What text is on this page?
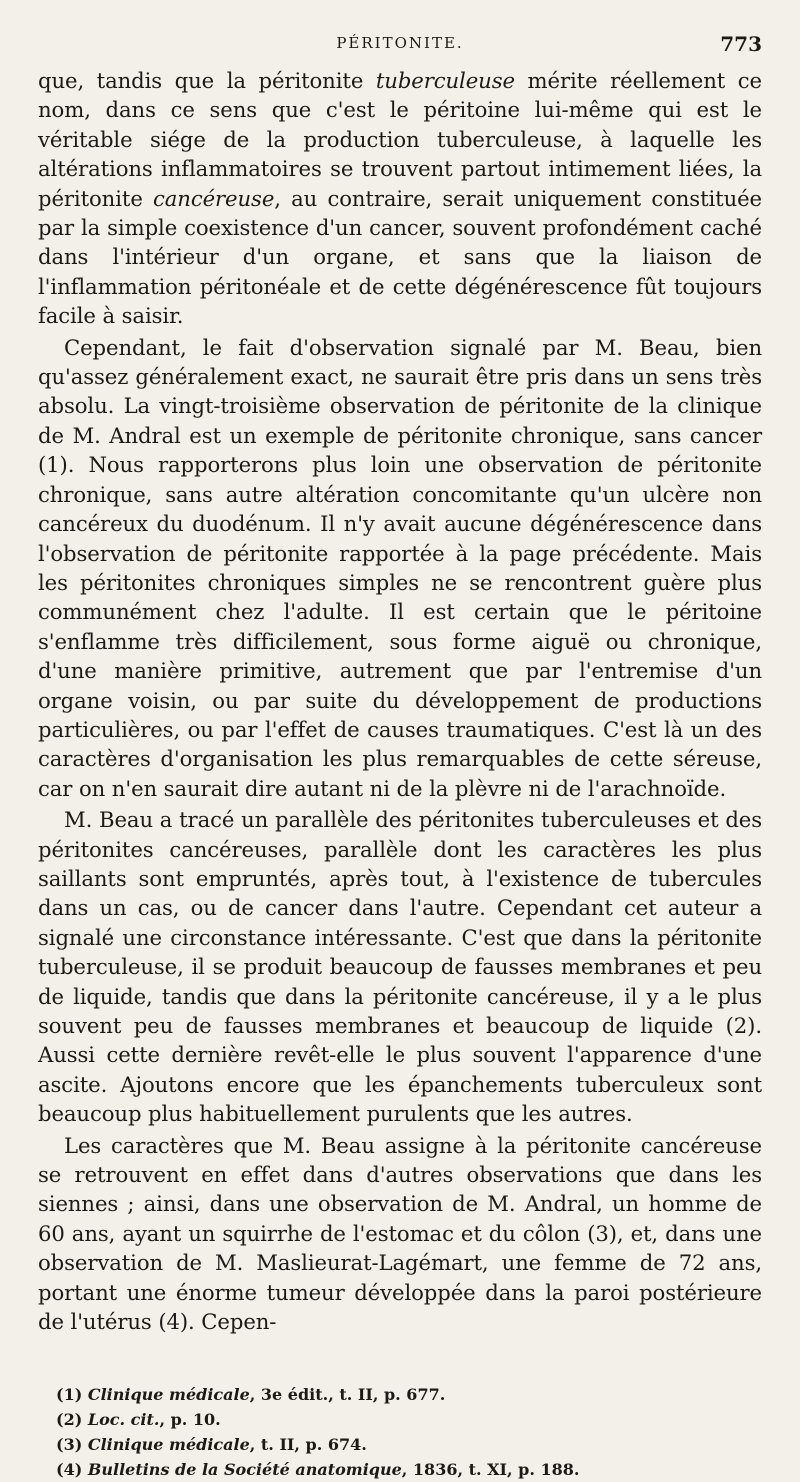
PÉRITONITE.	773

que, tandis que la péritonite tuberculeuse mérite réellement ce nom, dans ce sens que c'est le péritoine lui-même qui est le véritable siége de la production tuberculeuse, à laquelle les altérations inflammatoires se trouvent partout intimement liées, la péritonite cancéreuse, au contraire, serait uniquement constituée par la simple coexistence d'un cancer, souvent profondément caché dans l'intérieur d'un organe, et sans que la liaison de l'inflammation péritonéale et de cette dégénérescence fût toujours facile à saisir.

Cependant, le fait d'observation signalé par M. Beau, bien qu'assez généralement exact, ne saurait être pris dans un sens très absolu. La vingt-troisième observation de péritonite de la clinique de M. Andral est un exemple de péritonite chronique, sans cancer (1). Nous rapporterons plus loin une observation de péritonite chronique, sans autre altération concomitante qu'un ulcère non cancéreux du duodénum. Il n'y avait aucune dégénérescence dans l'observation de péritonite rapportée à la page précédente. Mais les péritonites chroniques simples ne se rencontrent guère plus communément chez l'adulte. Il est certain que le péritoine s'enflamme très difficilement, sous forme aiguë ou chronique, d'une manière primitive, autrement que par l'entremise d'un organe voisin, ou par suite du développement de productions particulières, ou par l'effet de causes traumatiques. C'est là un des caractères d'organisation les plus remarquables de cette séreuse, car on n'en saurait dire autant ni de la plèvre ni de l'arachnoïde.

M. Beau a tracé un parallèle des péritonites tuberculeuses et des péritonites cancéreuses, parallèle dont les caractères les plus saillants sont empruntés, après tout, à l'existence de tubercules dans un cas, ou de cancer dans l'autre. Cependant cet auteur a signalé une circonstance intéressante. C'est que dans la péritonite tuberculeuse, il se produit beaucoup de fausses membranes et peu de liquide, tandis que dans la péritonite cancéreuse, il y a le plus souvent peu de fausses membranes et beaucoup de liquide (2). Aussi cette dernière revêt-elle le plus souvent l'apparence d'une ascite. Ajoutons encore que les épanchements tuberculeux sont beaucoup plus habituellement purulents que les autres.

Les caractères que M. Beau assigne à la péritonite cancéreuse se retrouvent en effet dans d'autres observations que dans les siennes ; ainsi, dans une observation de M. Andral, un homme de 60 ans, ayant un squirrhe de l'estomac et du côlon (3), et, dans une observation de M. Maslieurat-Lagémart, une femme de 72 ans, portant une énorme tumeur développée dans la paroi postérieure de l'utérus (4). Cepen-

(1) Clinique médicale, 3e édit., t. II, p. 677.
(2) Loc. cit., p. 10.
(3) Clinique médicale, t. II, p. 674.
(4) Bulletins de la Société anatomique, 1836, t. XI, p. 188.
